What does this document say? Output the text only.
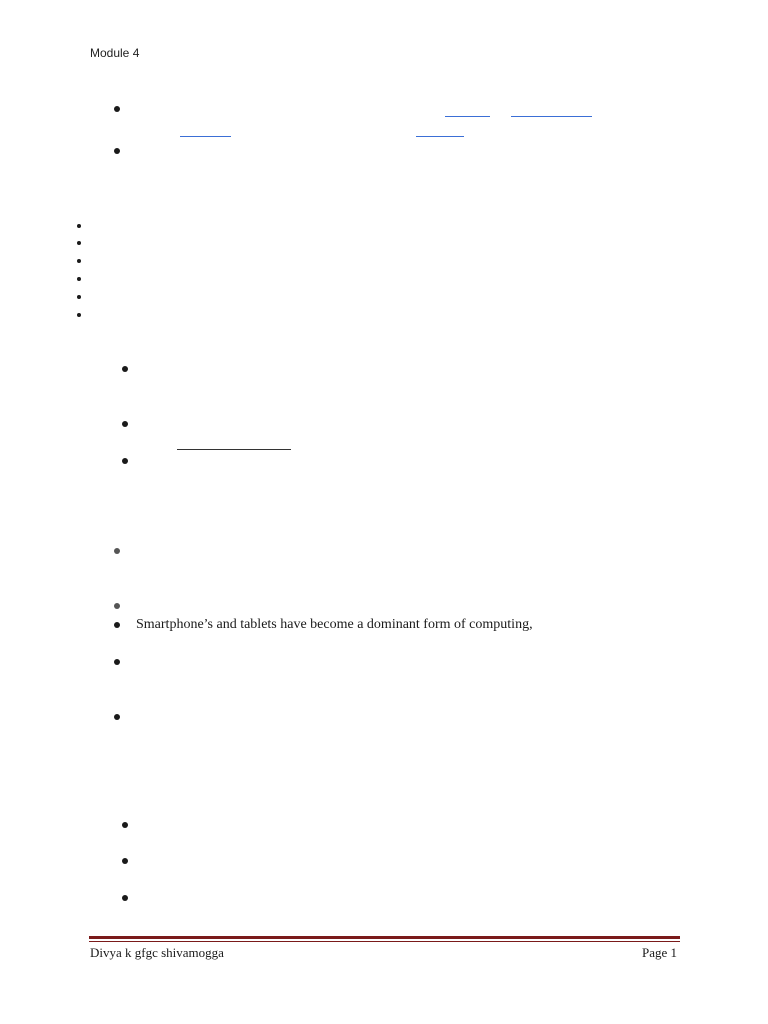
Module 4
Smartphone’s and tablets have become a dominant form of computing,
Divya k gfgc shivamogga	Page 1
